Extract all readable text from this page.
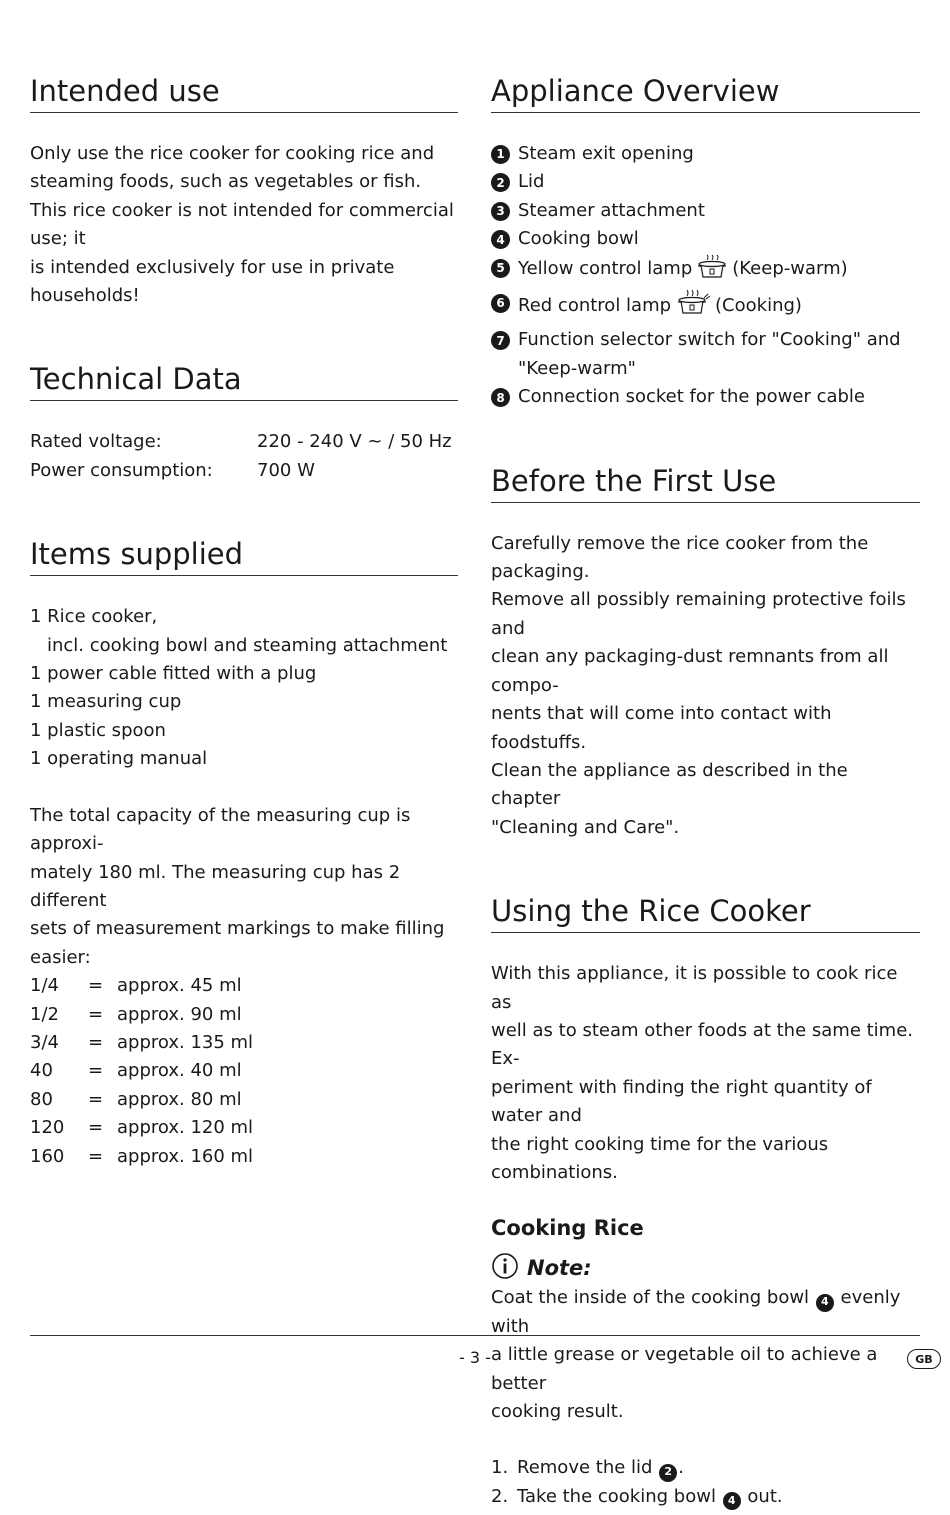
Intended use

Only use the rice cooker for cooking rice and

steaming foods, such as vegetables or fish.

This rice cooker is not intended for commercial use; it

is intended exclusively for use in private households!

Technical Data
Rated voltage:	220 - 240 V ~ / 50 Hz
Power consumption:	700 W
Items supplied

1 Rice cooker,

incl. cooking bowl and steaming attachment

1 power cable fitted with a plug

1 measuring cup

1 plastic spoon

1 operating manual

The total capacity of the measuring cup is approxi-

mately 180 ml. The measuring cup has 2 different

sets of measurement markings to make filling easier:

1/4	= approx. 45 ml
1/2	= approx. 90 ml
3/4	= approx. 135 ml
40	= approx. 40 ml
80	= approx. 80 ml
120	= approx. 120 ml
160	= approx. 160 ml
Appliance Overview
1 Steam exit opening
2 Lid
3 Steamer attachment
4 Cooking bowl
5 Yellow control lamp (Keep-warm)
6 Red control lamp (Cooking)
7 Function selector switch for "Cooking" and
"Keep-warm"
8 Connection socket for the power cable
Before the First Use

Carefully remove the rice cooker from the packaging.

Remove all possibly remaining protective foils and

clean any packaging-dust remnants from all compo-

nents that will come into contact with foodstuffs.

Clean the appliance as described in the chapter

"Cleaning and Care".

Using the Rice Cooker

With this appliance, it is possible to cook rice as

well as to steam other foods at the same time. Ex-

periment with finding the right quantity of water and

the right cooking time for the various combinations.

Cooking Rice
Note:

Coat the inside of the cooking bowl 4 evenly with

a little grease or vegetable oil to achieve a better

cooking result.

1. Remove the lid 2 .
2. Take the cooking bowl 4 out.
- 3 -	GB
